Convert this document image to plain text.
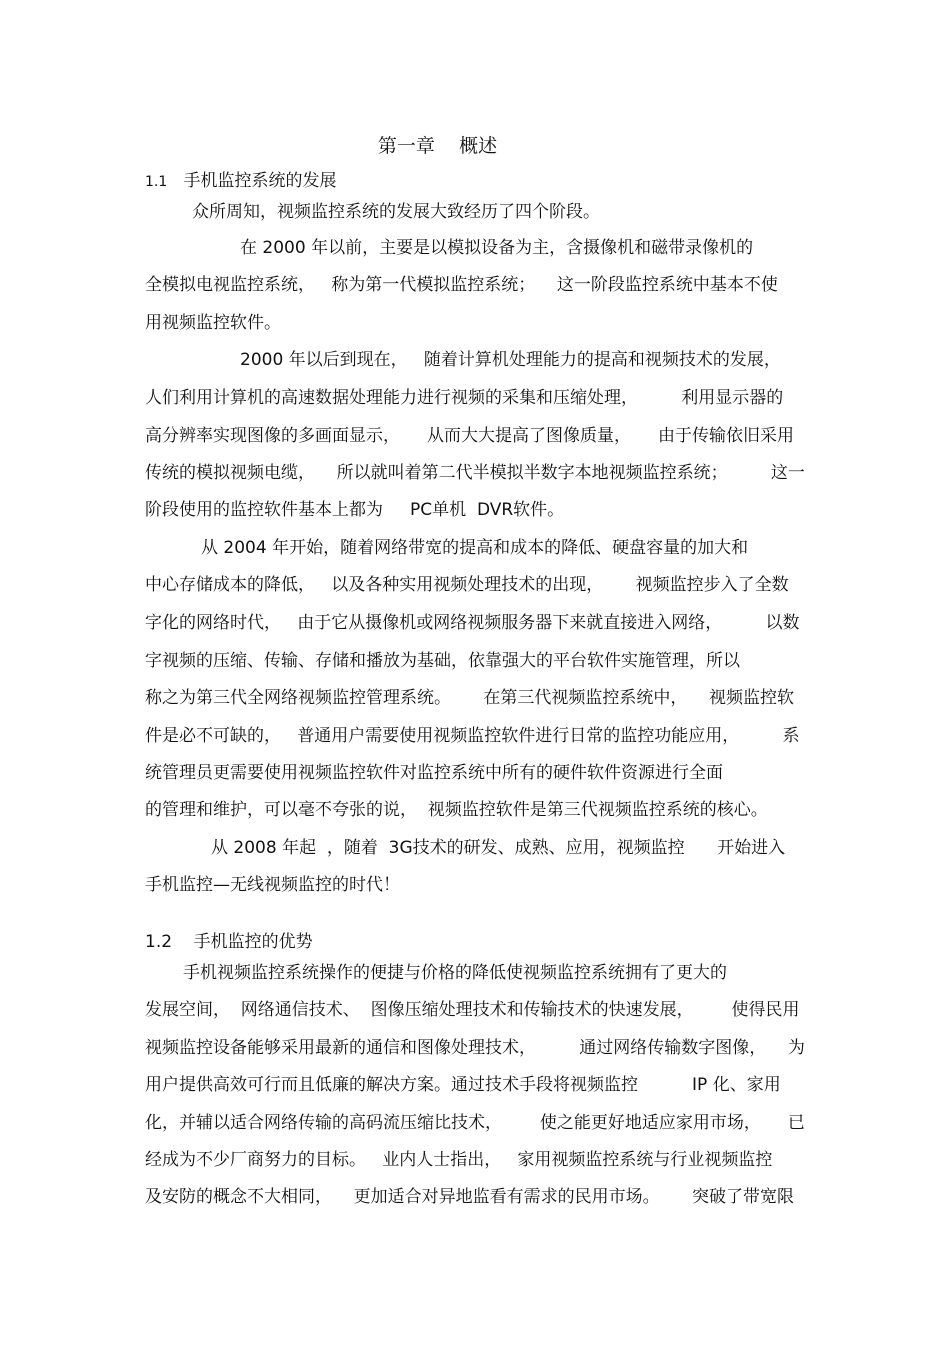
第一章    概述
1.1 手机监控系统的发展
众所周知，视频监控系统的发展大致经历了四个阶段。
在 2000 年以前，主要是以模拟设备为主，含摄像机和磁带录像机的
全模拟电视监控系统，   称为第一代模拟监控系统；    这一阶段监控系统中基本不使
用视频监控软件。
2000 年以后到现在，   随着计算机处理能力的提高和视频技术的发展，
人们利用计算机的高速数据处理能力进行视频的采集和压缩处理，        利用显示器的
高分辨率实现图像的多画面显示，     从而大大提高了图像质量，     由于传输依旧采用
传统的模拟视频电缆，    所以就叫着第二代半模拟半数字本地视频监控系统；        这一
阶段使用的监控软件基本上都为     PC单机  DVR软件。
从 2004 年开始，随着网络带宽的提高和成本的降低、硬盘容量的加大和
中心存储成本的降低，   以及各种实用视频处理技术的出现，      视频监控步入了全数
字化的网络时代，   由于它从摄像机或网络视频服务器下来就直接进入网络，        以数
字视频的压缩、传输、存储和播放为基础，依靠强大的平台软件实施管理，所以
称之为第三代全网络视频监控管理系统。      在第三代视频监控系统中，    视频监控软
件是必不可缺的，   普通用户需要使用视频监控软件进行日常的监控功能应用，        系
统管理员更需要使用视频监控软件对监控系统中所有的硬件软件资源进行全面
的管理和维护，可以毫不夸张的说，  视频监控软件是第三代视频监控系统的核心。
从 2008 年起  ，随着  3G技术的研发、成熟、应用，视频监控      开始进入
手机监控—无线视频监控的时代！
1.2 手机监控的优势
手机视频监控系统操作的便捷与价格的降低使视频监控系统拥有了更大的
发展空间，  网络通信技术、  图像压缩处理技术和传输技术的快速发展，       使得民用
视频监控设备能够采用最新的通信和图像处理技术，        通过网络传输数字图像，    为
用户提供高效可行而且低廉的解决方案。通过技术手段将视频监控          IP 化、家用
化，并辅以适合网络传输的高码流压缩比技术，       使之能更好地适应家用市场，     已
经成为不少厂商努力的目标。   业内人士指出，   家用视频监控系统与行业视频监控
及安防的概念不大相同，    更加适合对异地监看有需求的民用市场。      突破了带宽限
